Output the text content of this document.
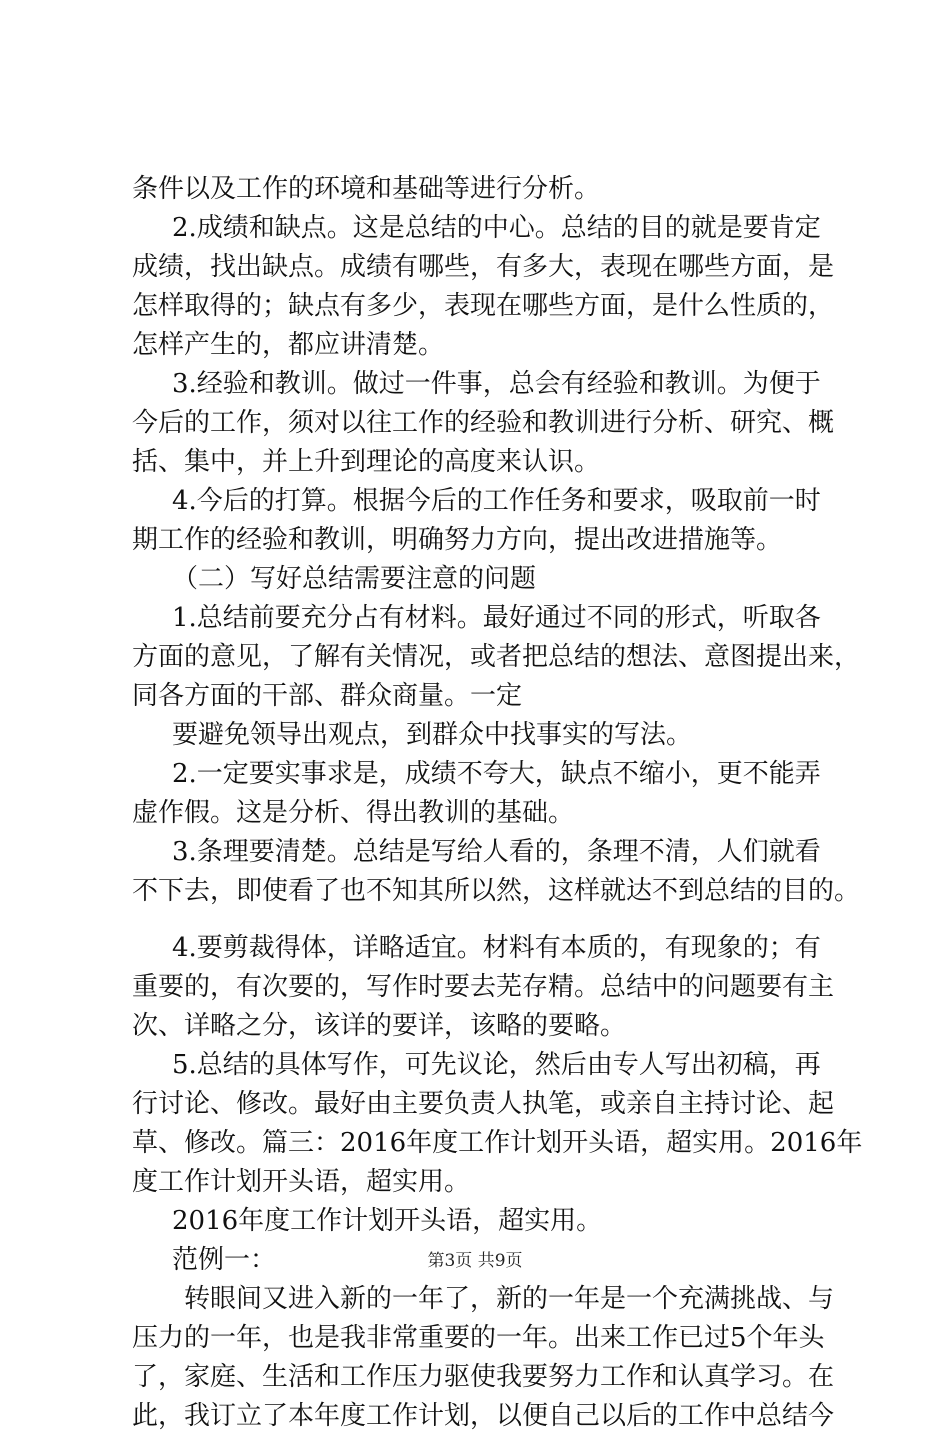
条件以及工作的环境和基础等进行分析。
2.成绩和缺点。这是总结的中心。总结的目的就是要肯定
成绩，找出缺点。成绩有哪些，有多大，表现在哪些方面，是
怎样取得的；缺点有多少，表现在哪些方面，是什么性质的，
怎样产生的，都应讲清楚。
3.经验和教训。做过一件事，总会有经验和教训。为便于
今后的工作，须对以往工作的经验和教训进行分析、研究、概
括、集中，并上升到理论的高度来认识。
4.今后的打算。根据今后的工作任务和要求，吸取前一时
期工作的经验和教训，明确努力方向，提出改进措施等。
（二）写好总结需要注意的问题
1.总结前要充分占有材料。最好通过不同的形式，听取各
方面的意见，了解有关情况，或者把总结的想法、意图提出来，
同各方面的干部、群众商量。一定
要避免领导出观点，到群众中找事实的写法。
2.一定要实事求是，成绩不夸大，缺点不缩小，更不能弄
虚作假。这是分析、得出教训的基础。
3.条理要清楚。总结是写给人看的，条理不清，人们就看
不下去，即使看了也不知其所以然，这样就达不到总结的目的。
4.要剪裁得体，详略适宜。材料有本质的，有现象的；有
重要的，有次要的，写作时要去芜存精。总结中的问题要有主
次、详略之分，该详的要详，该略的要略。
5.总结的具体写作，可先议论，然后由专人写出初稿，再
行讨论、修改。最好由主要负责人执笔，或亲自主持讨论、起
草、修改。篇三：2016年度工作计划开头语，超实用。2016年
度工作计划开头语，超实用。
2016年度工作计划开头语，超实用。
范例一：
转眼间又进入新的一年了，新的一年是一个充满挑战、与
压力的一年，也是我非常重要的一年。出来工作已过5个年头
了，家庭、生活和工作压力驱使我要努力工作和认真学习。在
此，我订立了本年度工作计划，以便自己以后的工作中总结今
第3页 共9页
